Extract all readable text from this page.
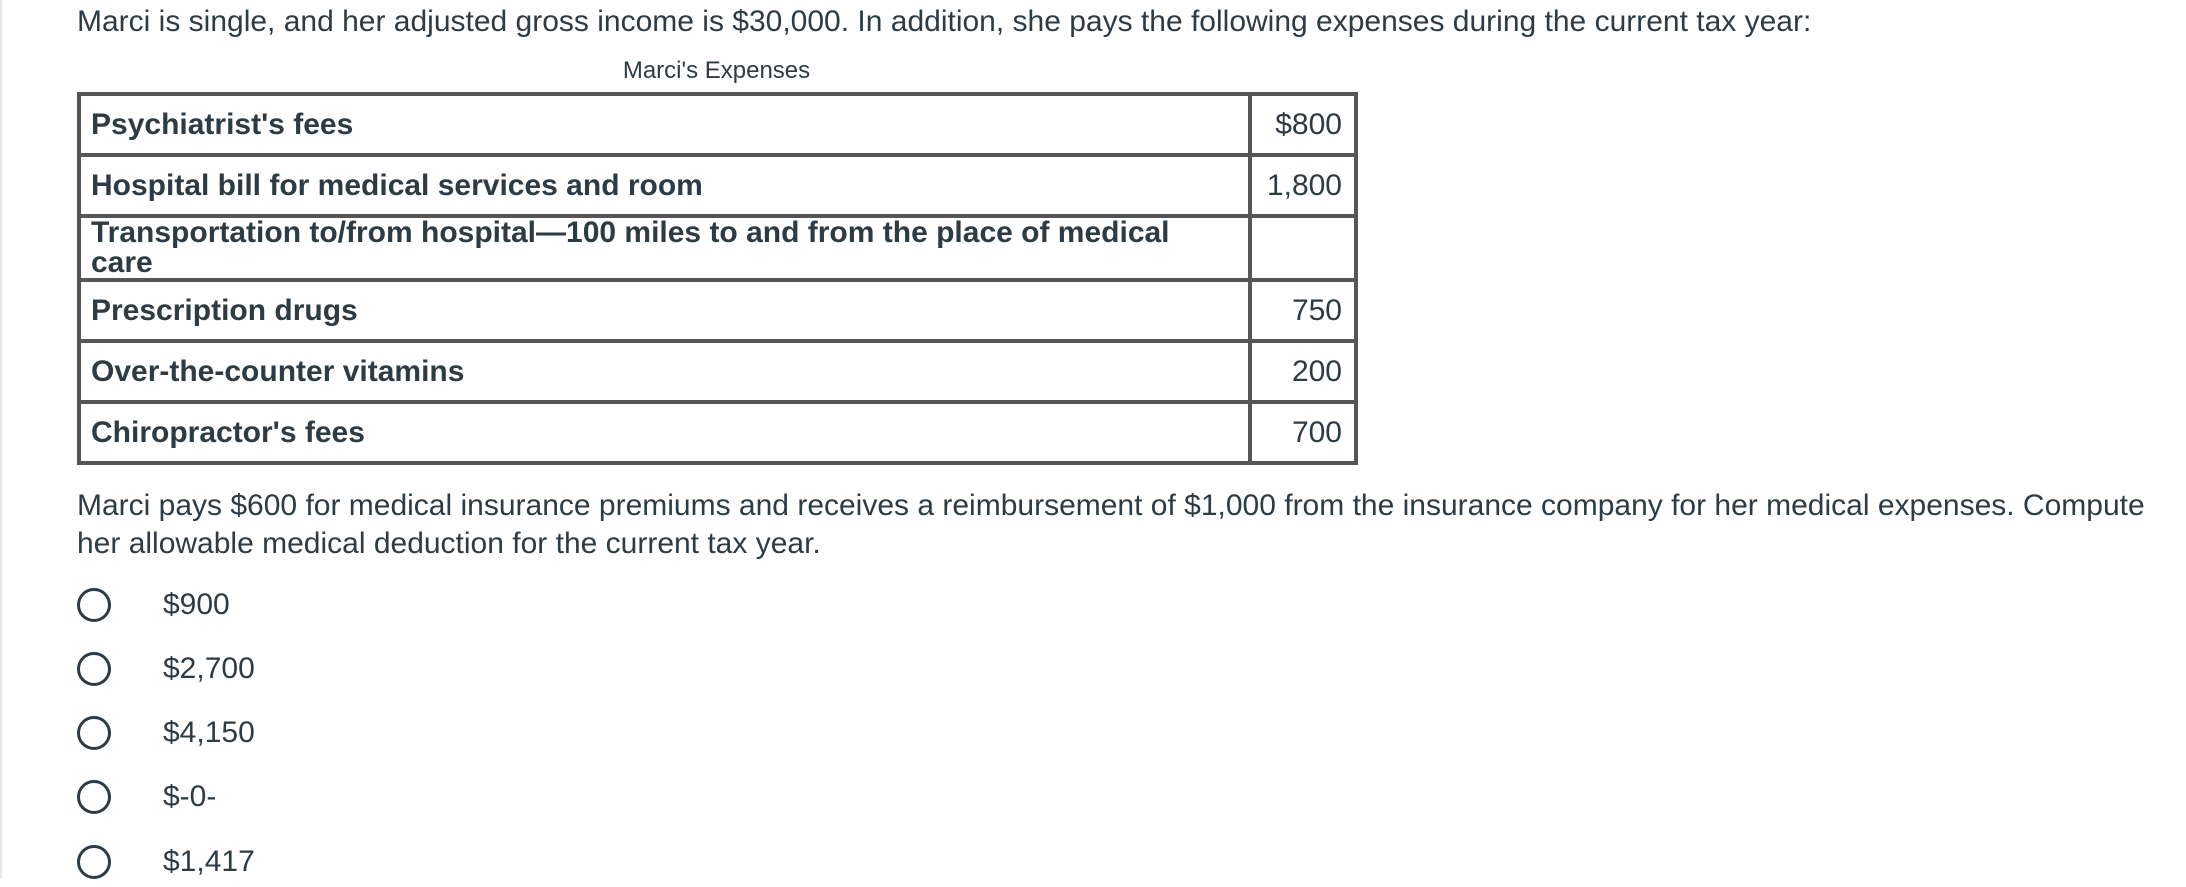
Marci is single, and her adjusted gross income is $30,000. In addition, she pays the following expenses during the current tax year:
Marci's Expenses
Psychiatrist's fees	$800
Hospital bill for medical services and room	1,800
Transportation to/from hospital—100 miles to and from the place of medical care	
Prescription drugs	750
Over-the-counter vitamins	200
Chiropractor's fees	700
Marci pays $600 for medical insurance premiums and receives a reimbursement of $1,000 from the insurance company for her medical expenses. Compute her allowable medical deduction for the current tax year.
$900
$2,700
$4,150
$-0-
$1,417
